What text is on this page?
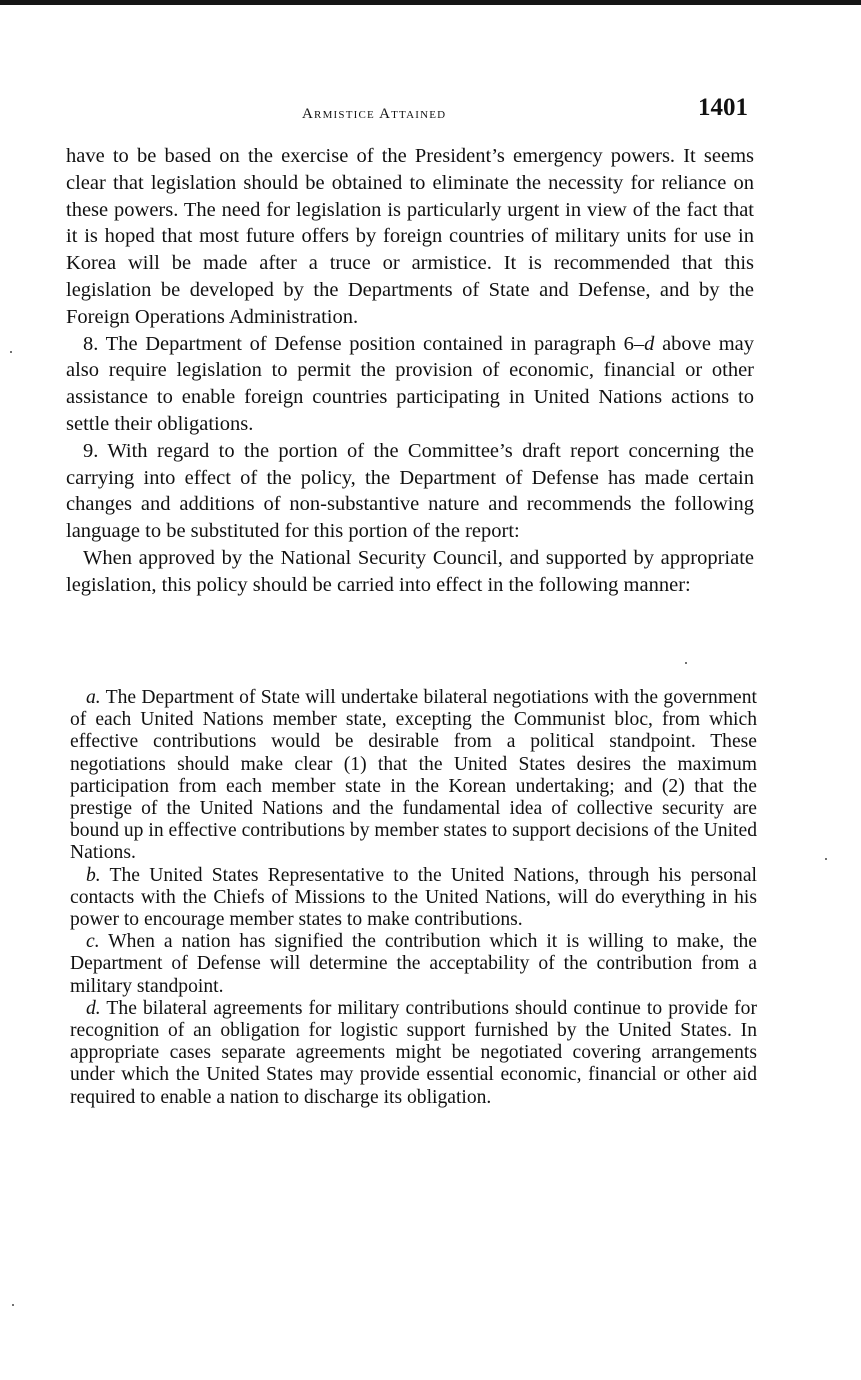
Armistice Attained	1401

have to be based on the exercise of the President’s emergency powers. It seems clear that legislation should be obtained to eliminate the necessity for reliance on these powers. The need for legislation is particularly urgent in view of the fact that it is hoped that most future offers by foreign countries of military units for use in Korea will be made after a truce or armistice. It is recommended that this legislation be developed by the Departments of State and Defense, and by the Foreign Operations Administration.

8. The Department of Defense position contained in paragraph 6–d above may also require legislation to permit the provision of economic, financial or other assistance to enable foreign countries participating in United Nations actions to settle their obligations.

9. With regard to the portion of the Committee’s draft report concerning the carrying into effect of the policy, the Department of Defense has made certain changes and additions of non-substantive nature and recommends the following language to be substituted for this portion of the report:

When approved by the National Security Council, and supported by appropriate legislation, this policy should be carried into effect in the following manner:

a. The Department of State will undertake bilateral negotiations with the government of each United Nations member state, excepting the Communist bloc, from which effective contributions would be desirable from a political standpoint. These negotiations should make clear (1) that the United States desires the maximum participation from each member state in the Korean undertaking; and (2) that the prestige of the United Nations and the fundamental idea of collective security are bound up in effective contributions by member states to support decisions of the United Nations.

b. The United States Representative to the United Nations, through his personal contacts with the Chiefs of Missions to the United Nations, will do everything in his power to encourage member states to make contributions.

c. When a nation has signified the contribution which it is willing to make, the Department of Defense will determine the acceptability of the contribution from a military standpoint.

d. The bilateral agreements for military contributions should continue to provide for recognition of an obligation for logistic support furnished by the United States. In appropriate cases separate agreements might be negotiated covering arrangements under which the United States may provide essential economic, financial or other aid required to enable a nation to discharge its obligation.
